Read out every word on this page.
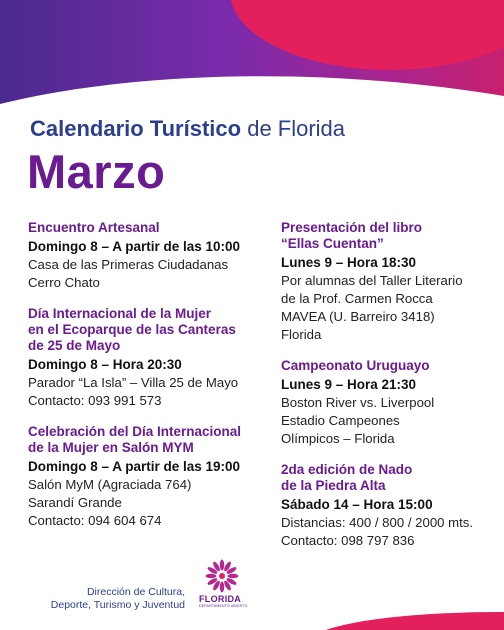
Calendario Turístico de Florida
Marzo
Encuentro Artesanal
Domingo 8 – A partir de las 10:00
Casa de las Primeras Ciudadanas
Cerro Chato
Día Internacional de la Mujer
en el Ecoparque de las Canteras
de 25 de Mayo
Domingo 8 – Hora 20:30
Parador “La Isla” – Villa 25 de Mayo
Contacto: 093 991 573
Celebración del Día Internacional
de la Mujer en Salón MYM
Domingo 8 – A partir de las 19:00
Salón MyM (Agraciada 764)
Sarandí Grande
Contacto: 094 604 674
Presentación del libro
“Ellas Cuentan”
Lunes 9 – Hora 18:30
Por alumnas del Taller Literario
de la Prof. Carmen Rocca
MAVEA (U. Barreiro 3418)
Florida
Campeonato Uruguayo
Lunes 9 – Hora 21:30
Boston River vs. Liverpool
Estadio Campeones
Olímpicos – Florida
2da edición de Nado
de la Piedra Alta
Sábado 14 – Hora 15:00
Distancias: 400 / 800 / 2000 mts.
Contacto: 098 797 836
Dirección de Cultura,
Deporte, Turismo y Juventud FLORIDA
DEPARTAMENTO ABIERTO
